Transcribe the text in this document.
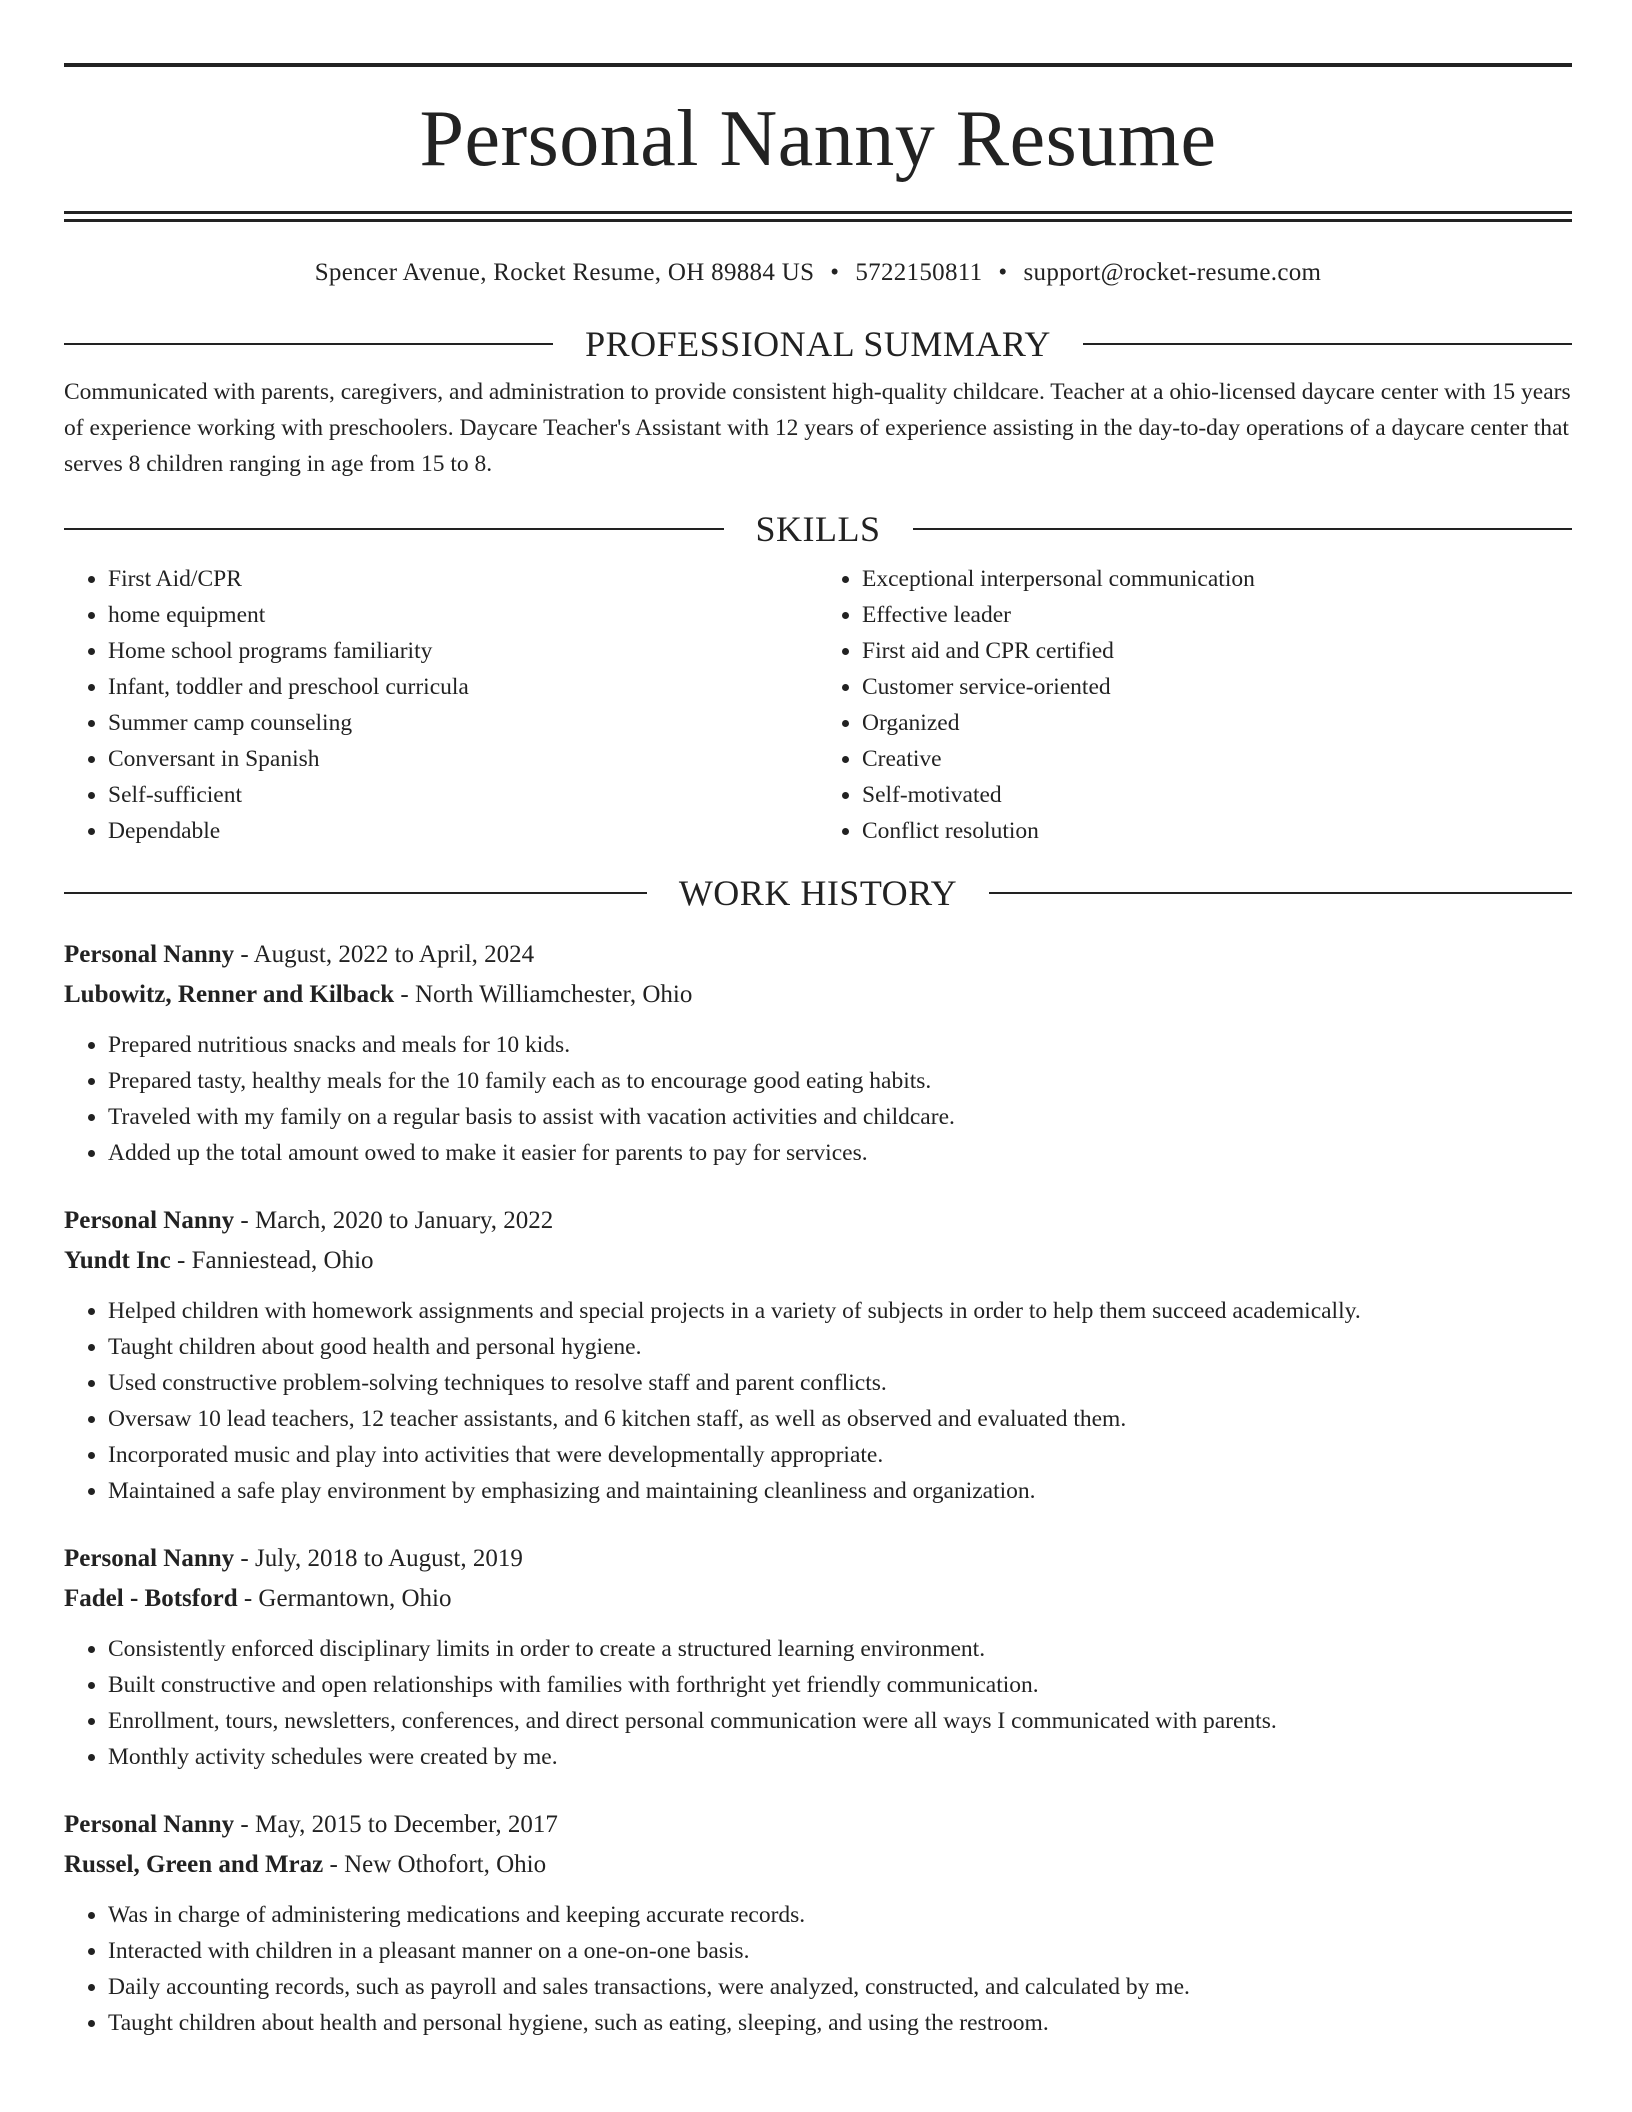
Personal Nanny Resume
Spencer Avenue, Rocket Resume, OH 89884 US • 5722150811 • support@rocket-resume.com
PROFESSIONAL SUMMARY
Communicated with parents, caregivers, and administration to provide consistent high-quality childcare. Teacher at a ohio-licensed daycare center with 15 years of experience working with preschoolers. Daycare Teacher's Assistant with 12 years of experience assisting in the day-to-day operations of a daycare center that serves 8 children ranging in age from 15 to 8.
SKILLS
• First Aid/CPR
• home equipment
• Home school programs familiarity
• Infant, toddler and preschool curricula
• Summer camp counseling
• Conversant in Spanish
• Self-sufficient
• Dependable
• Exceptional interpersonal communication
• Effective leader
• First aid and CPR certified
• Customer service-oriented
• Organized
• Creative
• Self-motivated
• Conflict resolution
WORK HISTORY
Personal Nanny - August, 2022 to April, 2024
Lubowitz, Renner and Kilback - North Williamchester, Ohio
• Prepared nutritious snacks and meals for 10 kids.
• Prepared tasty, healthy meals for the 10 family each as to encourage good eating habits.
• Traveled with my family on a regular basis to assist with vacation activities and childcare.
• Added up the total amount owed to make it easier for parents to pay for services.
Personal Nanny - March, 2020 to January, 2022
Yundt Inc - Fanniestead, Ohio
• Helped children with homework assignments and special projects in a variety of subjects in order to help them succeed academically.
• Taught children about good health and personal hygiene.
• Used constructive problem-solving techniques to resolve staff and parent conflicts.
• Oversaw 10 lead teachers, 12 teacher assistants, and 6 kitchen staff, as well as observed and evaluated them.
• Incorporated music and play into activities that were developmentally appropriate.
• Maintained a safe play environment by emphasizing and maintaining cleanliness and organization.
Personal Nanny - July, 2018 to August, 2019
Fadel - Botsford - Germantown, Ohio
• Consistently enforced disciplinary limits in order to create a structured learning environment.
• Built constructive and open relationships with families with forthright yet friendly communication.
• Enrollment, tours, newsletters, conferences, and direct personal communication were all ways I communicated with parents.
• Monthly activity schedules were created by me.
Personal Nanny - May, 2015 to December, 2017
Russel, Green and Mraz - New Othofort, Ohio
• Was in charge of administering medications and keeping accurate records.
• Interacted with children in a pleasant manner on a one-on-one basis.
• Daily accounting records, such as payroll and sales transactions, were analyzed, constructed, and calculated by me.
• Taught children about health and personal hygiene, such as eating, sleeping, and using the restroom.
